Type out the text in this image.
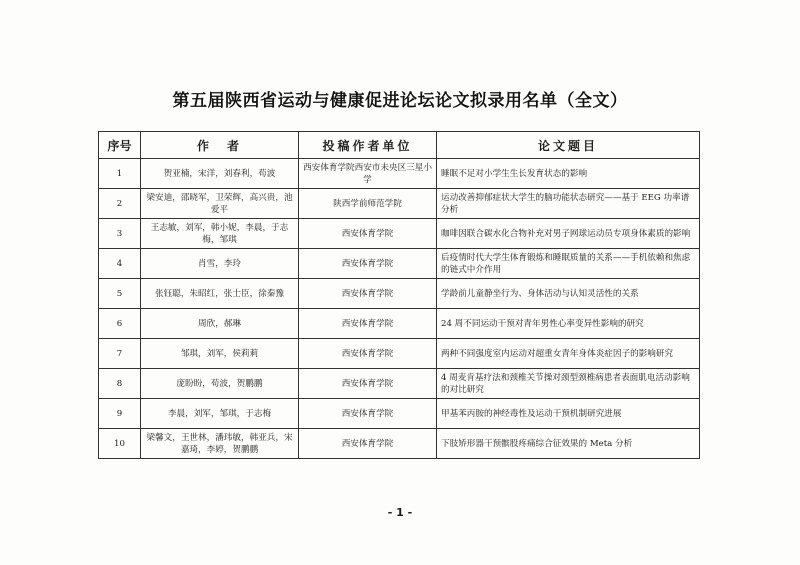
第五届陕西省运动与健康促进论坛论文拟录用名单（全文）
序号	作　者	投稿作者单位	论文题目
1	贺亚楠，宋洋，刘春利，苟波	西安体育学院西安市未央区三星小学	睡眠不足对小学生生长发育状态的影响
2	梁安迪，邵晓军，卫荣辉，高兴贵，池爱平	陕西学前师范学院	运动改善抑郁症状大学生的脑功能状态研究——基于 EEG 功率谱分析
3	王志敏，刘军，韩小妮，李晨，于志梅，邹琪	西安体育学院	咖啡因联合碳水化合物补充对男子网球运动员专项身体素质的影响
4	肖雪，李玲	西安体育学院	后疫情时代大学生体育锻炼和睡眠质量的关系——手机依赖和焦虑的链式中介作用
5	张钰聪，朱昭红，张士臣，徐秦豫	西安体育学院	学龄前儿童静坐行为、身体活动与认知灵活性的关系
6	周欣，郝琳	西安体育学院	24 周不同运动干预对青年男性心率变异性影响的研究
7	邹琪，刘军，侯莉莉	西安体育学院	两种不同强度室内运动对超重女青年身体炎症因子的影响研究
8	庞盼盼，苟波，贺鹏鹏	西安体育学院	4 周麦肯基疗法和颈椎关节操对颈型颈椎病患者表面肌电活动影响的对比研究
9	李晨，刘军，邹琪，于志梅	西安体育学院	甲基苯丙胺的神经毒性及运动干预机制研究进展
10	梁馨文，王世林，潘玮敏，韩亚兵，宋嘉琦，李婷，贺鹏鹏	西安体育学院	下肢矫形器干预髌股疼痛综合征效果的 Meta 分析
- 1 -
